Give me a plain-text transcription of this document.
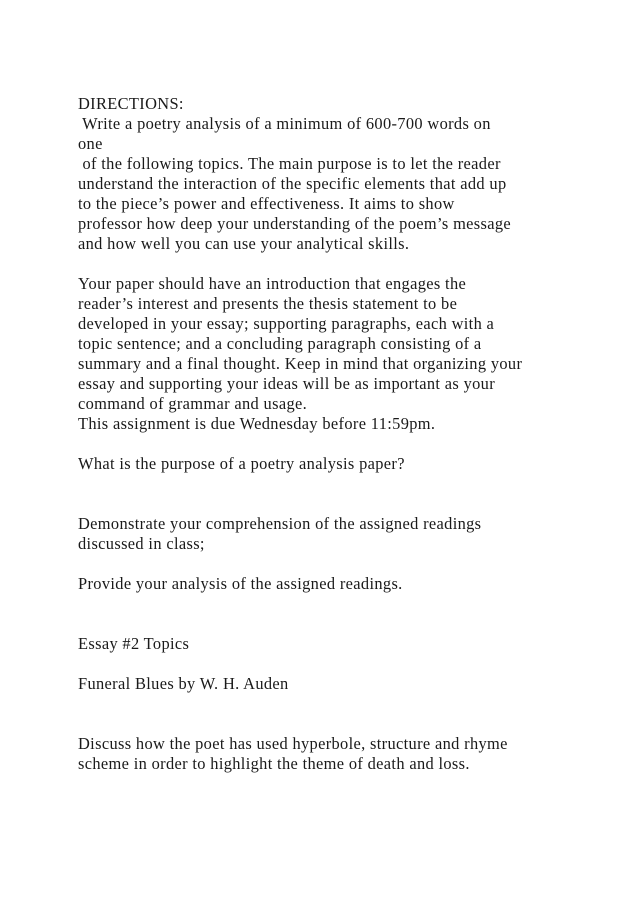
DIRECTIONS:
Write a poetry analysis of a minimum of 600-700 words on
one
of the following topics. The main purpose is to let the reader
understand the interaction of the specific elements that add up
to the piece’s power and effectiveness. It aims to show
professor how deep your understanding of the poem’s message
and how well you can use your analytical skills.
Your paper should have an introduction that engages the
reader’s interest and presents the thesis statement to be
developed in your essay; supporting paragraphs, each with a
topic sentence; and a concluding paragraph consisting of a
summary and a final thought. Keep in mind that organizing your
essay and supporting your ideas will be as important as your
command of grammar and usage.
This assignment is due Wednesday before 11:59pm.
What is the purpose of a poetry analysis paper?
Demonstrate your comprehension of the assigned readings
discussed in class;
Provide your analysis of the assigned readings.
Essay #2 Topics
Funeral Blues by W. H. Auden
Discuss how the poet has used hyperbole, structure and rhyme
scheme in order to highlight the theme of death and loss.
